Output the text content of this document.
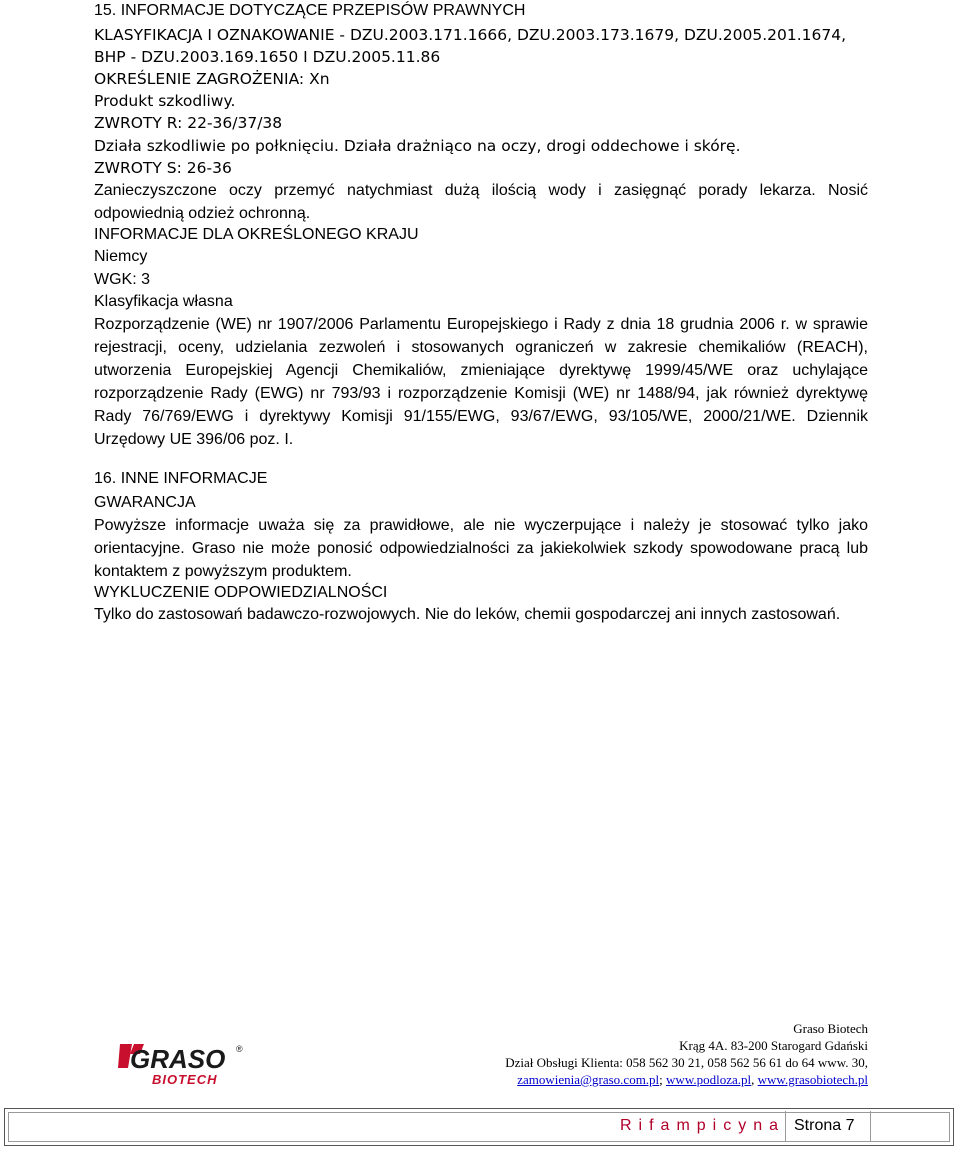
15. INFORMACJE DOTYCZĄCE PRZEPISÓW PRAWNYCH
KLASYFIKACJA I OZNAKOWANIE - DZU.2003.171.1666, DZU.2003.173.1679, DZU.2005.201.1674,
BHP - DZU.2003.169.1650 I DZU.2005.11.86
OKREŚLENIE ZAGROŻENIA: Xn
Produkt szkodliwy.
ZWROTY R: 22-36/37/38
Działa szkodliwie po połknięciu. Działa drażniąco na oczy, drogi oddechowe i skórę.
ZWROTY S: 26-36
Zanieczyszczone oczy przemyć natychmiast dużą ilością wody i zasięgnąć porady lekarza. Nosić odpowiednią odzież ochronną.
INFORMACJE DLA OKREŚLONEGO KRAJU
Niemcy
WGK: 3
Klasyfikacja własna
Rozporządzenie (WE) nr 1907/2006 Parlamentu Europejskiego i Rady z dnia 18 grudnia 2006 r. w sprawie rejestracji, oceny, udzielania zezwoleń i stosowanych ograniczeń w zakresie chemikaliów (REACH), utworzenia Europejskiej Agencji Chemikaliów, zmieniające dyrektywę 1999/45/WE oraz uchylające rozporządzenie Rady (EWG) nr 793/93 i rozporządzenie Komisji (WE) nr 1488/94, jak również dyrektywę Rady 76/769/EWG i dyrektywy Komisji 91/155/EWG, 93/67/EWG, 93/105/WE, 2000/21/WE. Dziennik Urzędowy UE 396/06 poz. I.
16. INNE INFORMACJE
GWARANCJA
Powyższe informacje uważa się za prawidłowe, ale nie wyczerpujące i należy je stosować tylko jako orientacyjne. Graso nie może ponosić odpowiedzialności za jakiekolwiek szkody spowodowane pracą lub kontaktem z powyższym produktem.
WYKLUCZENIE ODPOWIEDZIALNOŚCI
Tylko do zastosowań badawczo-rozwojowych. Nie do leków, chemii gospodarczej ani innych zastosowań.
GRASO ®
BIOTECH
Graso Biotech
Krąg 4A. 83-200 Starogard Gdański
Dział Obsługi Klienta: 058 562 30 21, 058 562 56 61 do 64 www. 30,
zamowienia@graso.com.pl; www.podloza.pl, www.grasobiotech.pl
Rifampicyna Strona 7
